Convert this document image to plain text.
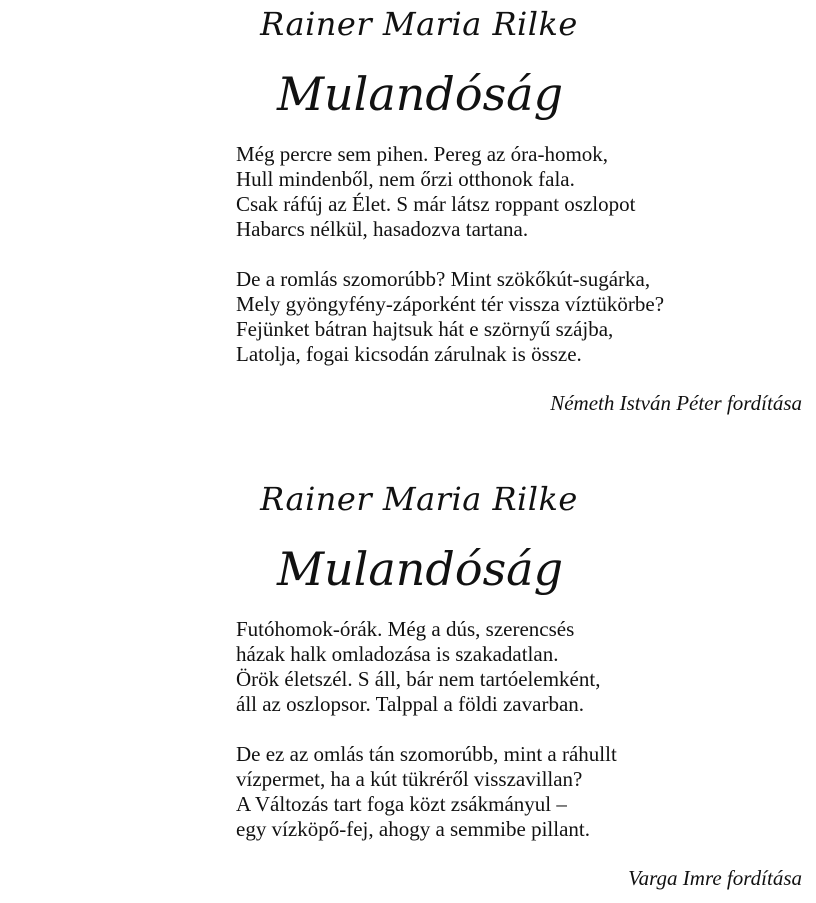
Rainer Maria Rilke
Mulandóság
Még percre sem pihen. Pereg az óra-homok,
Hull mindenből, nem őrzi otthonok fala.
Csak ráfúj az Élet. S már látsz roppant oszlopot
Habarcs nélkül, hasadozva tartana.
De a romlás szomorúbb? Mint szökőkút-sugárka,
Mely gyöngyfény-záporként tér vissza víztükörbe?
Fejünket bátran hajtsuk hát e szörnyű szájba,
Latolja, fogai kicsodán zárulnak is össze.
Németh István Péter fordítása
Rainer Maria Rilke
Mulandóság
Futóhomok-órák. Még a dús, szerencsés
házak halk omladozása is szakadatlan.
Örök életszél. S áll, bár nem tartóelemként,
áll az oszlopsor. Talppal a földi zavarban.
De ez az omlás tán szomorúbb, mint a ráhullt
vízpermet, ha a kút tükréről visszavillan?
A Változás tart foga közt zsákmányul –
egy vízköpő-fej, ahogy a semmibe pillant.
Varga Imre fordítása
